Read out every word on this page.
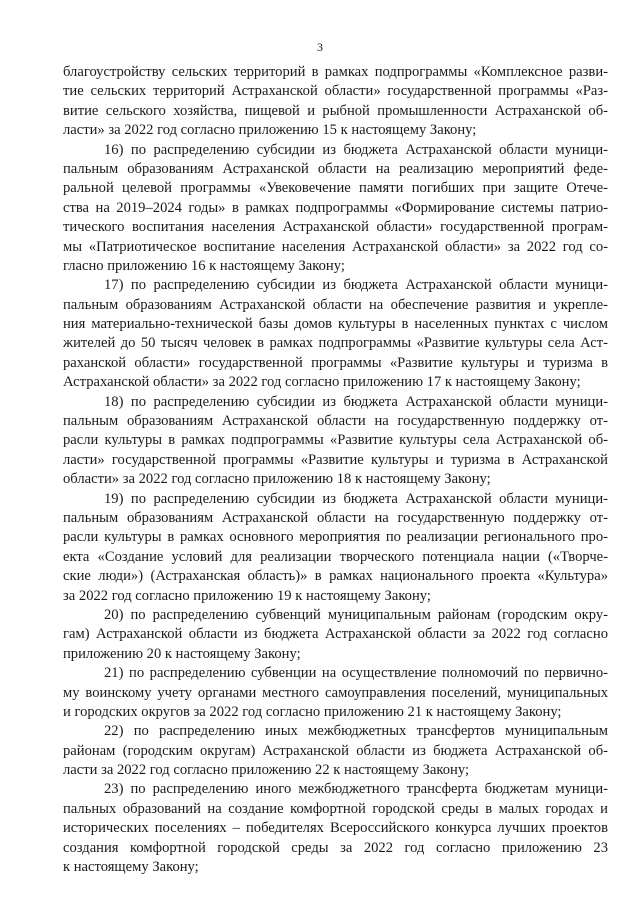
3
благоустройству сельских территорий в рамках подпрограммы «Комплексное разви-
тие сельских территорий Астраханской области» государственной программы «Раз-
витие сельского хозяйства, пищевой и рыбной промышленности Астраханской об-
ласти» за 2022 год согласно приложению 15 к настоящему Закону;
16) по распределению субсидии из бюджета Астраханской области муници-
пальным образованиям Астраханской области на реализацию мероприятий феде-
ральной целевой программы «Увековечение памяти погибших при защите Отече-
ства на 2019–2024 годы» в рамках подпрограммы «Формирование системы патрио-
тического воспитания населения Астраханской области» государственной програм-
мы «Патриотическое воспитание населения Астраханской области» за 2022 год со-
гласно приложению 16 к настоящему Закону;
17) по распределению субсидии из бюджета Астраханской области муници-
пальным образованиям Астраханской области на обеспечение развития и укрепле-
ния материально-технической базы домов культуры в населенных пунктах с числом
жителей до 50 тысяч человек в рамках подпрограммы «Развитие культуры села Аст-
раханской области» государственной программы «Развитие культуры и туризма в
Астраханской области» за 2022 год согласно приложению 17 к настоящему Закону;
18) по распределению субсидии из бюджета Астраханской области муници-
пальным образованиям Астраханской области на государственную поддержку от-
расли культуры в рамках подпрограммы «Развитие культуры села Астраханской об-
ласти» государственной программы «Развитие культуры и туризма в Астраханской
области» за 2022 год согласно приложению 18 к настоящему Закону;
19) по распределению субсидии из бюджета Астраханской области муници-
пальным образованиям Астраханской области на государственную поддержку от-
расли культуры в рамках основного мероприятия по реализации регионального про-
екта «Создание условий для реализации творческого потенциала нации («Творче-
ские люди») (Астраханская область)» в рамках национального проекта «Культура»
за 2022 год согласно приложению 19 к настоящему Закону;
20) по распределению субвенций муниципальным районам (городским окру-
гам) Астраханской области из бюджета Астраханской области за 2022 год согласно
приложению 20 к настоящему Закону;
21) по распределению субвенции на осуществление полномочий по первично-
му воинскому учету органами местного самоуправления поселений, муниципальных
и городских округов за 2022 год согласно приложению 21 к настоящему Закону;
22) по распределению иных межбюджетных трансфертов муниципальным
районам (городским округам) Астраханской области из бюджета Астраханской об-
ласти за 2022 год согласно приложению 22 к настоящему Закону;
23) по распределению иного межбюджетного трансферта бюджетам муници-
пальных образований на создание комфортной городской среды в малых городах и
исторических поселениях – победителях Всероссийского конкурса лучших проектов
создания комфортной городской среды за 2022 год согласно приложению 23
к настоящему Закону;
